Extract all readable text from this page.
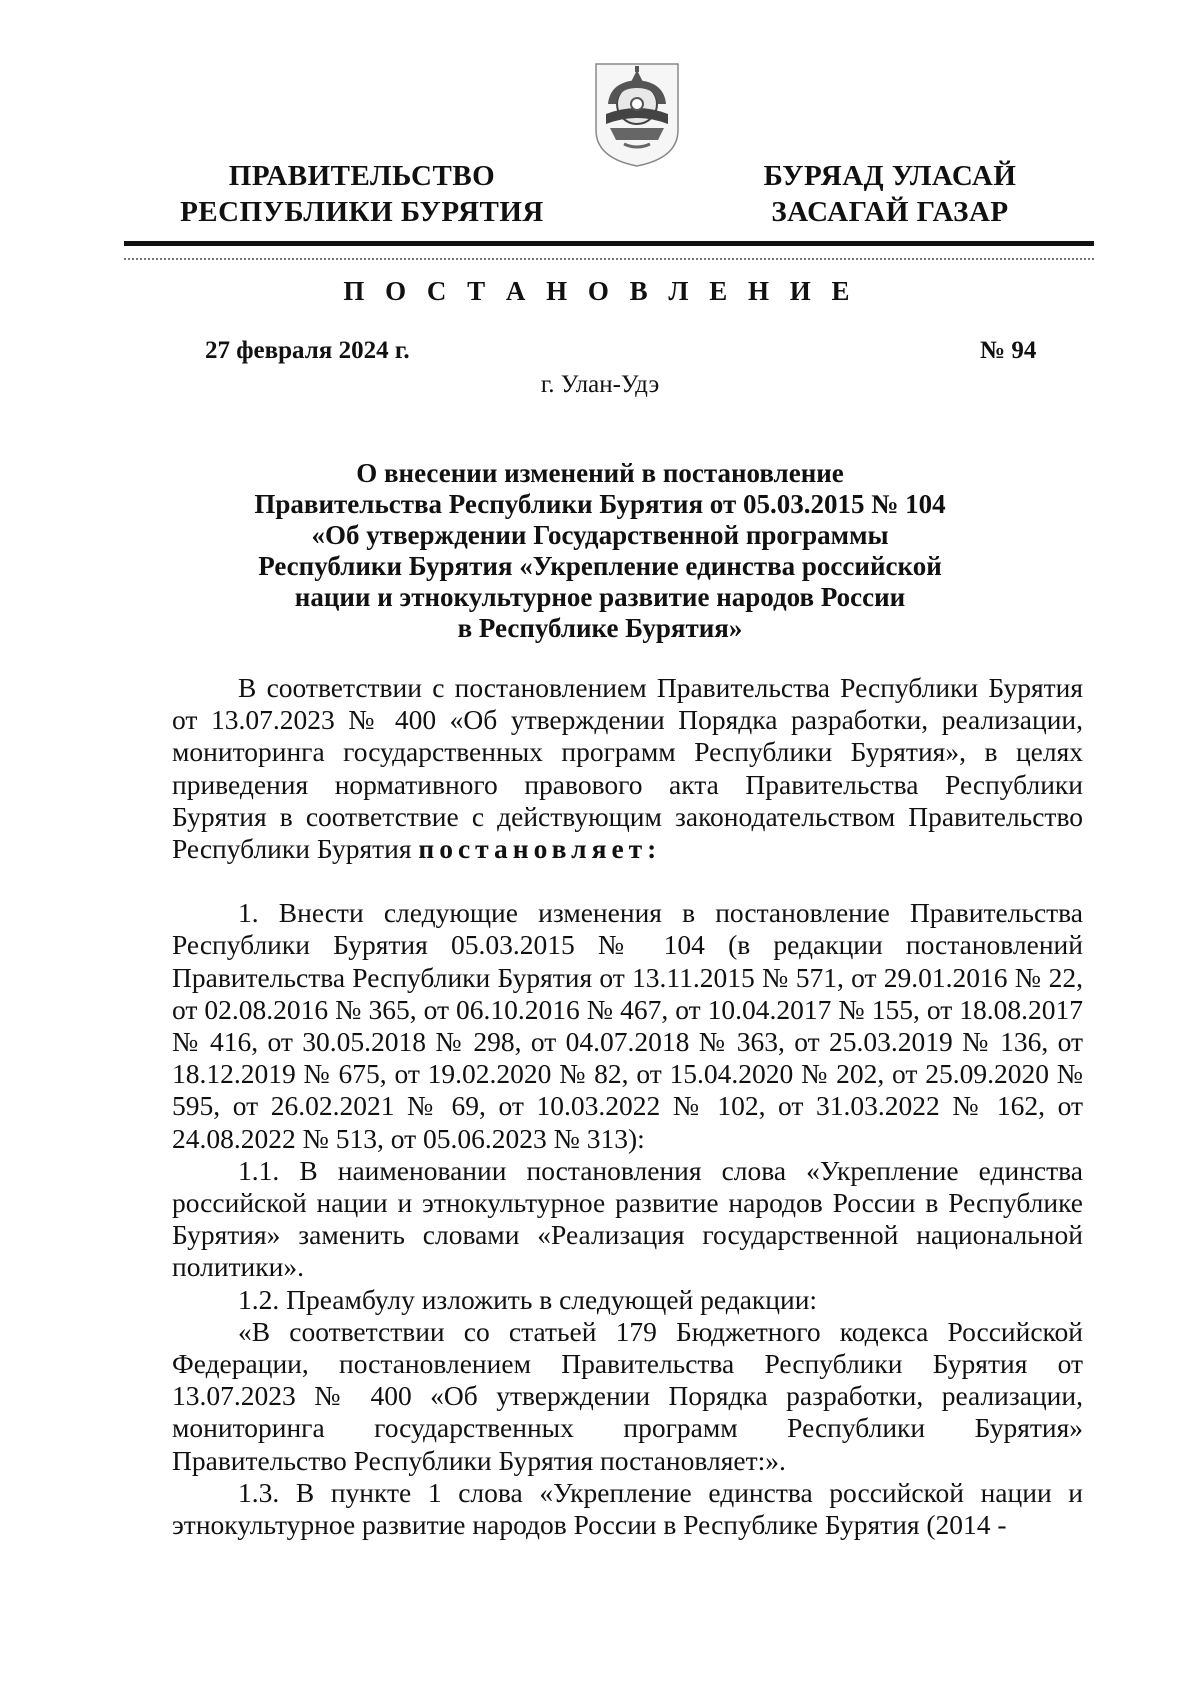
ПРАВИТЕЛЬСТВО
РЕСПУБЛИКИ БУРЯТИЯ
БУРЯАД УЛАСАЙ
ЗАСАГАЙ ГАЗАР
П О С Т А Н О В Л Е Н И Е
27 февраля 2024 г.	№ 94
г. Улан-Удэ
О внесении изменений в постановление
Правительства Республики Бурятия от 05.03.2015 № 104
«Об утверждении Государственной программы
Республики Бурятия «Укрепление единства российской
нации и этнокультурное развитие народов России
в Республике Бурятия»

В соответствии с постановлением Правительства Республики Бурятия от 13.07.2023 № 400 «Об утверждении Порядка разработки, реализации, мониторинга государственных программ Республики Бурятия», в целях приведения нормативного правового акта Правительства Республики Бурятия в соответствие с действующим законодательством Правительство Республики Бурятия постановляет:

1. Внести следующие изменения в постановление Правительства Республики Бурятия 05.03.2015 № 104 (в редакции постановлений Правительства Республики Бурятия от 13.11.2015 № 571, от 29.01.2016 № 22, от 02.08.2016 № 365, от 06.10.2016 № 467, от 10.04.2017 № 155, от 18.08.2017 № 416, от 30.05.2018 № 298, от 04.07.2018 № 363, от 25.03.2019 № 136, от 18.12.2019 № 675, от 19.02.2020 № 82, от 15.04.2020 № 202, от 25.09.2020 № 595, от 26.02.2021 № 69, от 10.03.2022 № 102, от 31.03.2022 № 162, от 24.08.2022 № 513, от 05.06.2023 № 313):

1.1. В наименовании постановления слова «Укрепление единства российской нации и этнокультурное развитие народов России в Республике Бурятия» заменить словами «Реализация государственной национальной политики».

1.2. Преамбулу изложить в следующей редакции:

«В соответствии со статьей 179 Бюджетного кодекса Российской Федерации, постановлением Правительства Республики Бурятия от 13.07.2023 № 400 «Об утверждении Порядка разработки, реализации, мониторинга государственных программ Республики Бурятия» Правительство Республики Бурятия постановляет:».

1.3. В пункте 1 слова «Укрепление единства российской нации и этнокультурное развитие народов России в Республике Бурятия (2014 -
